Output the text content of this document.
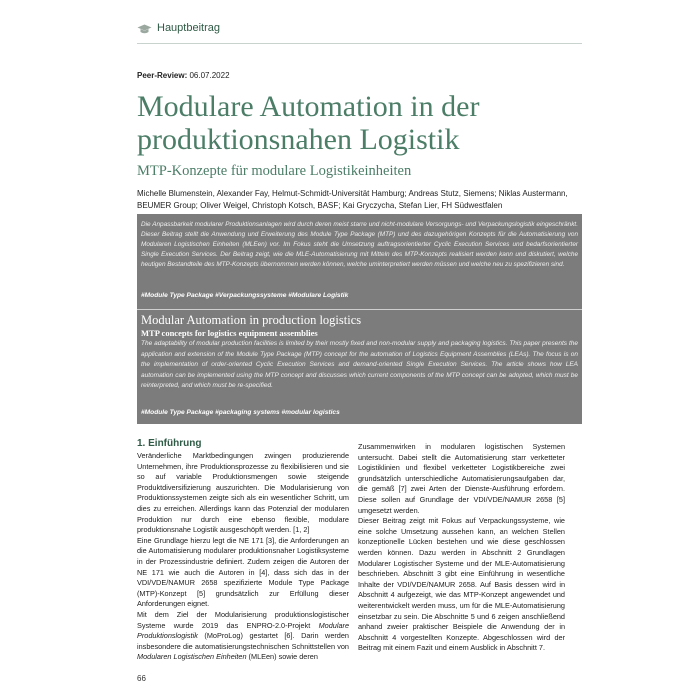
Hauptbeitrag
Peer-Review: 06.07.2022
Modulare Automation in der produktionsnahen Logistik
MTP-Konzepte für modulare Logistikeinheiten
Michelle Blumenstein, Alexander Fay, Helmut-Schmidt-Universität Hamburg; Andreas Stutz, Siemens; Niklas Austermann, BEUMER Group; Oliver Weigel, Christoph Kotsch, BASF; Kai Gryczycha, Stefan Lier, FH Südwestfalen
Die Anpassbarkeit modularer Produktionsanlagen wird durch deren meist starre und nicht-modulare Versorgungs- und Verpackungslogistik eingeschränkt. Dieser Beitrag stellt die Anwendung und Erweiterung des Module Type Package (MTP) und des dazugehörigen Konzepts für die Automatisierung von Modularen Logistischen Einheiten (MLEen) vor. Im Fokus steht die Umsetzung auftragsorientierter Cyclic Execution Services und bedarfsorientierter Single Execution Services. Der Beitrag zeigt, wie die MLE-Automatisierung mit Mitteln des MTP-Konzepts realisiert werden kann und diskutiert, welche heutigen Bestandteile des MTP-Konzepts übernommen werden können, welche uminterpretiert werden müssen und welche neu zu spezifizieren sind.
#Module Type Package #Verpackungssysteme #Modulare Logistik
Modular Automation in production logistics
MTP concepts for logistics equipment assemblies
The adaptability of modular production facilities is limited by their mostly fixed and non-modular supply and packaging logistics. This paper presents the application and extension of the Module Type Package (MTP) concept for the automation of Logistics Equipment Assemblies (LEAs). The focus is on the implementation of order-oriented Cyclic Execution Services and demand-oriented Single Execution Services. The article shows how LEA automation can be implemented using the MTP concept and discusses which current components of the MTP concept can be adopted, which must be reinterpreted, and which must be re-specified.
#Module Type Package #packaging systems #modular logistics
1. Einführung

Veränderliche Marktbedingungen zwingen produzierende Unternehmen, ihre Produktionsprozesse zu flexibilisieren und sie so auf variable Produktionsmengen sowie steigende Produktdiversifizierung auszurichten. Die Modularisierung von Produktionssystemen zeigte sich als ein wesentlicher Schritt, um dies zu erreichen. Allerdings kann das Potenzial der modularen Produktion nur durch eine ebenso flexible, modulare produktionsnahe Logistik ausgeschöpft werden. [1, 2]

Eine Grundlage hierzu legt die NE 171 [3], die Anforderungen an die Automatisierung modularer produktionsnaher Logistiksysteme in der Prozessindustrie definiert. Zudem zeigen die Autoren der NE 171 wie auch die Autoren in [4], dass sich das in der VDI/VDE/NAMUR 2658 spezifizierte Module Type Package (MTP)-Konzept [5] grundsätzlich zur Erfüllung dieser Anforderungen eignet.

Mit dem Ziel der Modularisierung produktionslogistischer Systeme wurde 2019 das ENPRO-2.0-Projekt Modulare Produktionslogistik (MoProLog) gestartet [6]. Darin werden insbesondere die automatisierungstechnischen Schnittstellen von Modularen Logistischen Einheiten (MLEen) sowie deren

Zusammenwirken in modularen logistischen Systemen untersucht. Dabei stellt die Automatisierung starr verketteter Logistiklinien und flexibel verketteter Logistikbereiche zwei grundsätzlich unterschiedliche Automatisierungsaufgaben dar, die gemäß [7] zwei Arten der Dienste-Ausführung erfordern. Diese sollen auf Grundlage der VDI/VDE/NAMUR 2658 [5] umgesetzt werden.

Dieser Beitrag zeigt mit Fokus auf Verpackungssysteme, wie eine solche Umsetzung aussehen kann, an welchen Stellen konzeptionelle Lücken bestehen und wie diese geschlossen werden können. Dazu werden in Abschnitt 2 Grundlagen Modularer Logistischer Systeme und der MLE-Automatisierung beschrieben. Abschnitt 3 gibt eine Einführung in wesentliche Inhalte der VDI/VDE/NAMUR 2658. Auf Basis dessen wird in Abschnitt 4 aufgezeigt, wie das MTP-Konzept angewendet und weiterentwickelt werden muss, um für die MLE-Automatisierung einsetzbar zu sein. Die Abschnitte 5 und 6 zeigen anschließend anhand zweier praktischer Beispiele die Anwendung der in Abschnitt 4 vorgestellten Konzepte. Abgeschlossen wird der Beitrag mit einem Fazit und einem Ausblick in Abschnitt 7.

66
